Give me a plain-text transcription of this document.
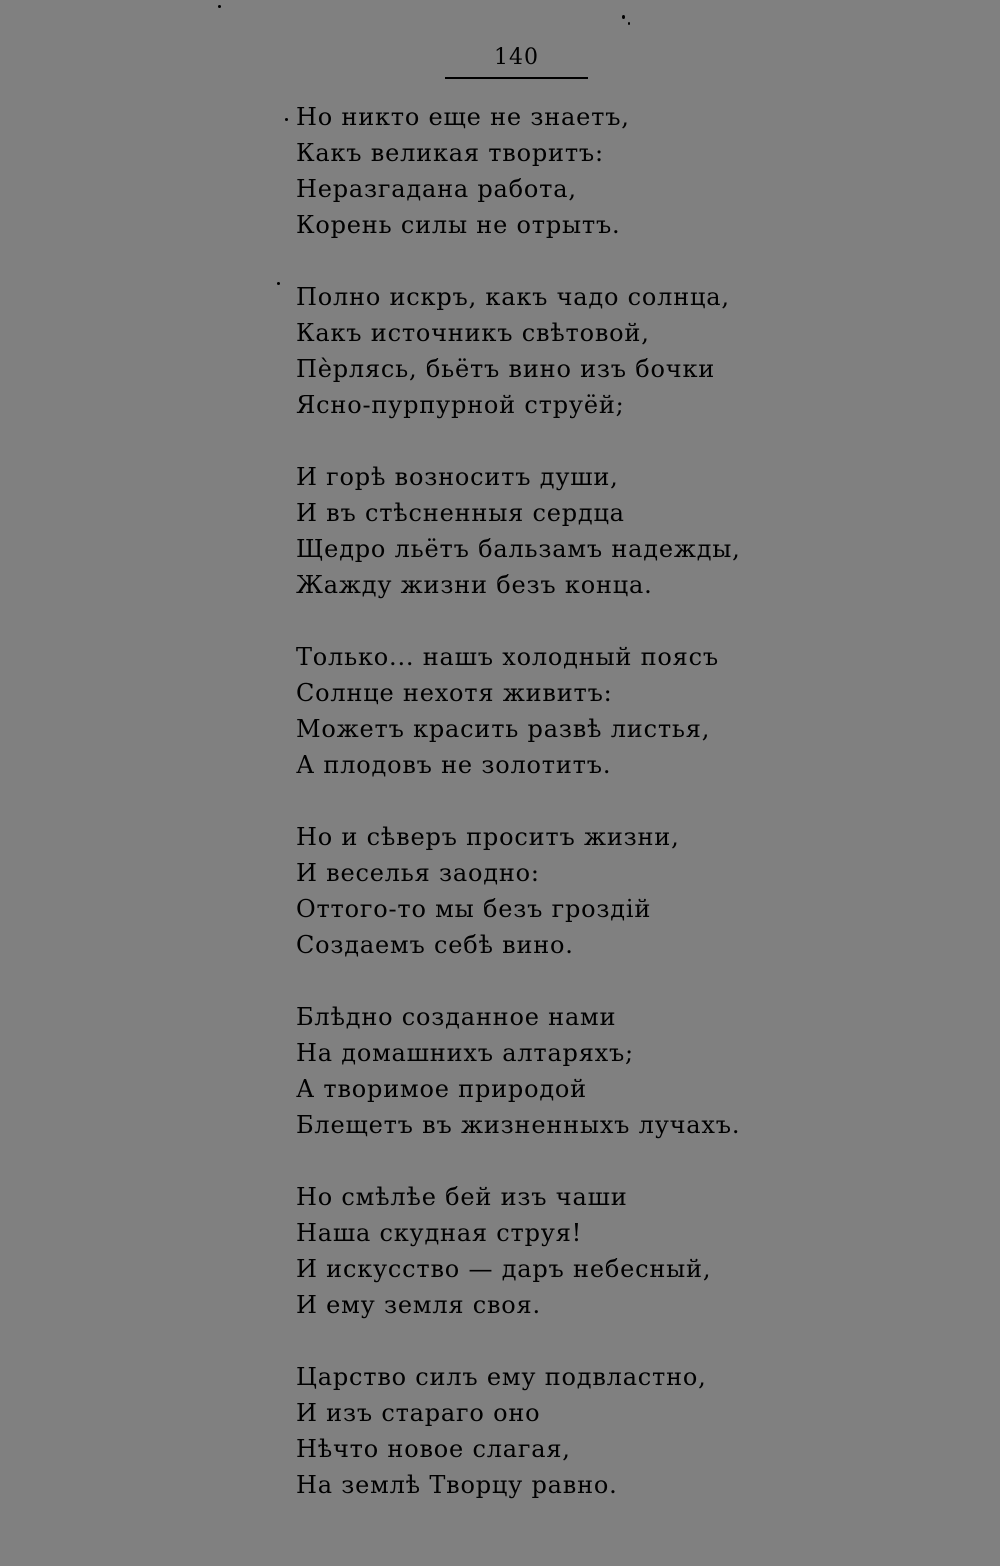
140
Но никто еще не знаетъ,
Какъ великая творитъ:
Неразгадана работа,
Корень силы не отрытъ.
Полно искръ, какъ чадо солнца,
Какъ источникъ свѣтовой,
Пѐрлясь, бьётъ вино изъ бочки
Ясно-пурпурной струёй;
И горѣ возноситъ души,
И въ стѣсненныя сердца
Щедро льётъ бальзамъ надежды,
Жажду жизни безъ конца.
Только... нашъ холодный поясъ
Солнце нехотя живитъ:
Можетъ красить развѣ листья,
А плодовъ не золотитъ.
Но и сѣверъ проситъ жизни,
И веселья заодно:
Оттого-то мы безъ гроздій
Создаемъ себѣ вино.
Блѣдно созданное нами
На домашнихъ алтаряхъ;
А творимое природой
Блещетъ въ жизненныхъ лучахъ.
Но смѣлѣе бей изъ чаши
Наша скудная струя!
И искусство — даръ небесный,
И ему земля своя.
Царство силъ ему подвластно,
И изъ стараго оно
Нѣчто новое слагая,
На землѣ Творцу равно.
